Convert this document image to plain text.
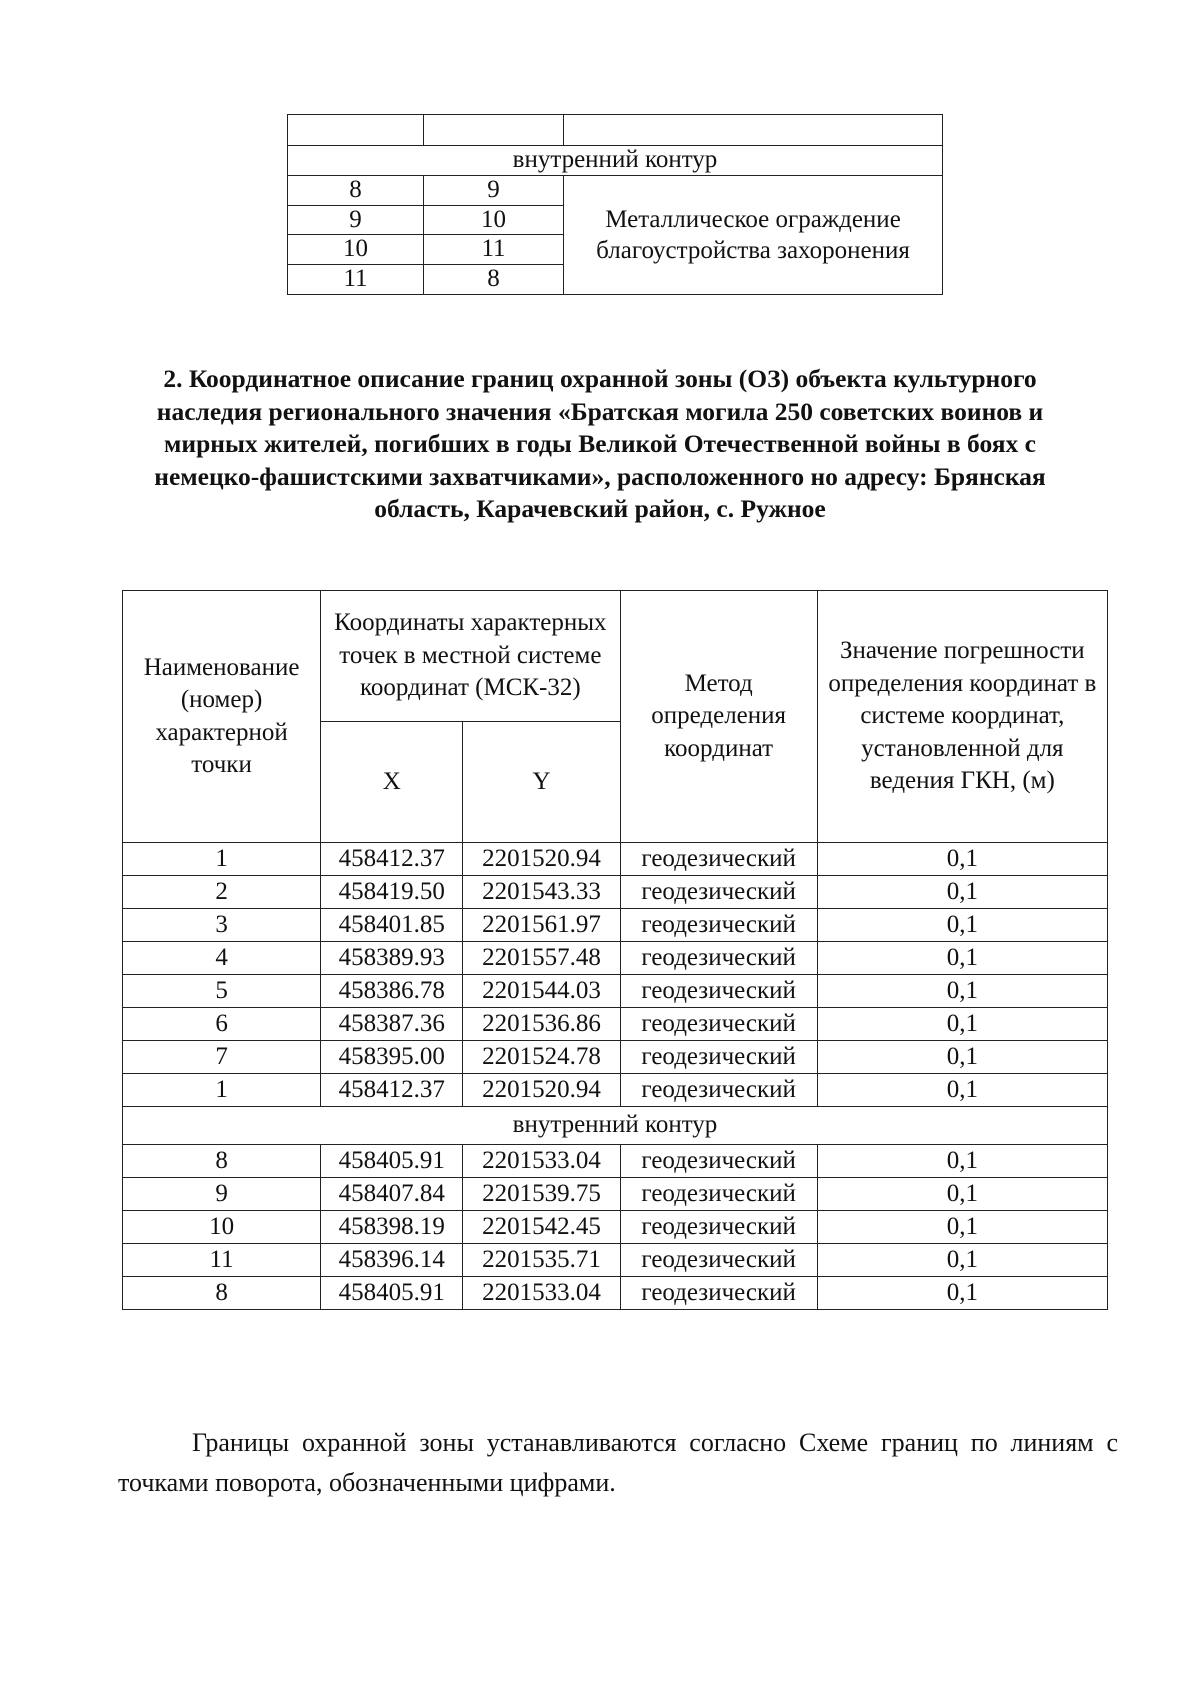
внутренний контур		
8	9	Металлическое ограждение благоустройства захоронения
9	10	
10	11	
11	8	
2. Координатное описание границ охранной зоны (ОЗ) объекта культурного наследия регионального значения «Братская могила 250 советских воинов и мирных жителей, погибших в годы Великой Отечественной войны в боях с немецко-фашистскими захватчиками», расположенного но адресу: Брянская область, Карачевский район, с. Ружное
Наименование (номер) характерной точки	Координаты характерных точек в местной системе координат (МСК-32)		Метод определения координат	Значение погрешности определения координат в системе координат, установленной для ведения ГКН, (м)
	X	Y		
1	458412.37	2201520.94	геодезический	0,1
2	458419.50	2201543.33	геодезический	0,1
3	458401.85	2201561.97	геодезический	0,1
4	458389.93	2201557.48	геодезический	0,1
5	458386.78	2201544.03	геодезический	0,1
6	458387.36	2201536.86	геодезический	0,1
7	458395.00	2201524.78	геодезический	0,1
1	458412.37	2201520.94	геодезический	0,1
внутренний контур				
8	458405.91	2201533.04	геодезический	0,1
9	458407.84	2201539.75	геодезический	0,1
10	458398.19	2201542.45	геодезический	0,1
11	458396.14	2201535.71	геодезический	0,1
8	458405.91	2201533.04	геодезический	0,1
Границы охранной зоны устанавливаются согласно Схеме границ по линиям с точками поворота, обозначенными цифрами.
